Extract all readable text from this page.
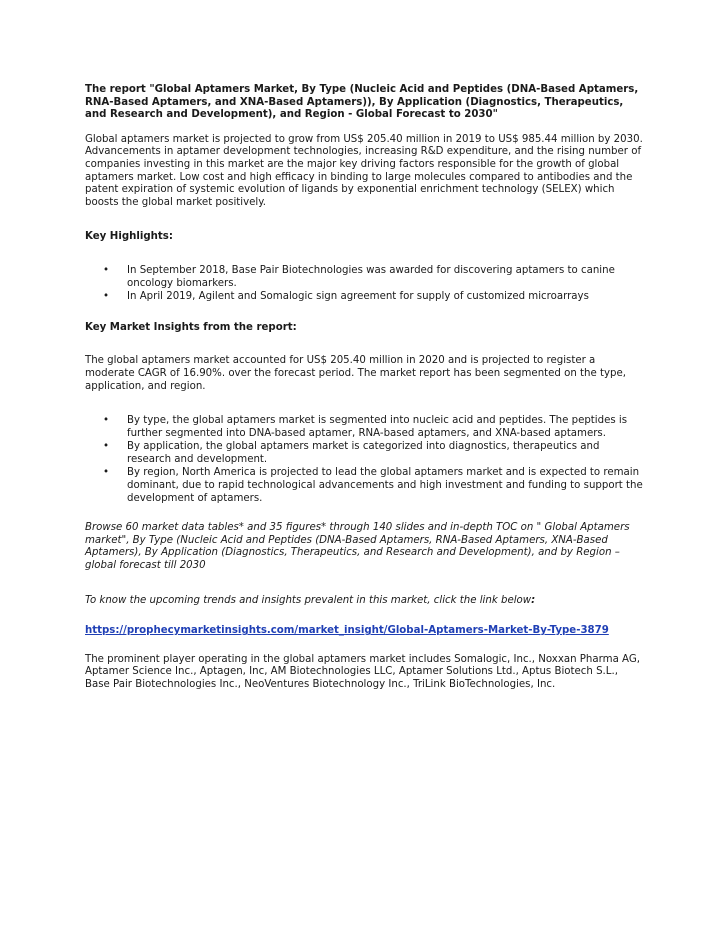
The report "Global Aptamers Market, By Type (Nucleic Acid and Peptides (DNA-Based Aptamers, RNA-Based Aptamers, and XNA-Based Aptamers)), By Application (Diagnostics, Therapeutics, and Research and Development), and Region - Global Forecast to 2030"

Global aptamers market is projected to grow from US$ 205.40 million in 2019 to US$ 985.44 million by 2030. Advancements in aptamer development technologies, increasing R&D expenditure, and the rising number of companies investing in this market are the major key driving factors responsible for the growth of global aptamers market. Low cost and high efficacy in binding to large molecules compared to antibodies and the patent expiration of systemic evolution of ligands by exponential enrichment technology (SELEX) which boosts the global market positively.

Key Highlights:

• In September 2018, Base Pair Biotechnologies was awarded for discovering aptamers to canine oncology biomarkers.
• In April 2019, Agilent and Somalogic sign agreement for supply of customized microarrays

Key Market Insights from the report:

The global aptamers market accounted for US$ 205.40 million in 2020 and is projected to register a moderate CAGR of 16.90%. over the forecast period. The market report has been segmented on the type, application, and region.

• By type, the global aptamers market is segmented into nucleic acid and peptides. The peptides is further segmented into DNA-based aptamer, RNA-based aptamers, and XNA-based aptamers.
• By application, the global aptamers market is categorized into diagnostics, therapeutics and research and development.
• By region, North America is projected to lead the global aptamers market and is expected to remain dominant, due to rapid technological advancements and high investment and funding to support the development of aptamers.

Browse 60 market data tables* and 35 figures* through 140 slides and in-depth TOC on " Global Aptamers market", By Type (Nucleic Acid and Peptides (DNA-Based Aptamers, RNA-Based Aptamers, XNA-Based Aptamers), By Application (Diagnostics, Therapeutics, and Research and Development), and by Region – global forecast till 2030

To know the upcoming trends and insights prevalent in this market, click the link below:

https://prophecymarketinsights.com/market_insight/Global-Aptamers-Market-By-Type-3879

The prominent player operating in the global aptamers market includes Somalogic, Inc., Noxxan Pharma AG, Aptamer Science Inc., Aptagen, Inc, AM Biotechnologies LLC, Aptamer Solutions Ltd., Aptus Biotech S.L., Base Pair Biotechnologies Inc., NeoVentures Biotechnology Inc., TriLink BioTechnologies, Inc.
